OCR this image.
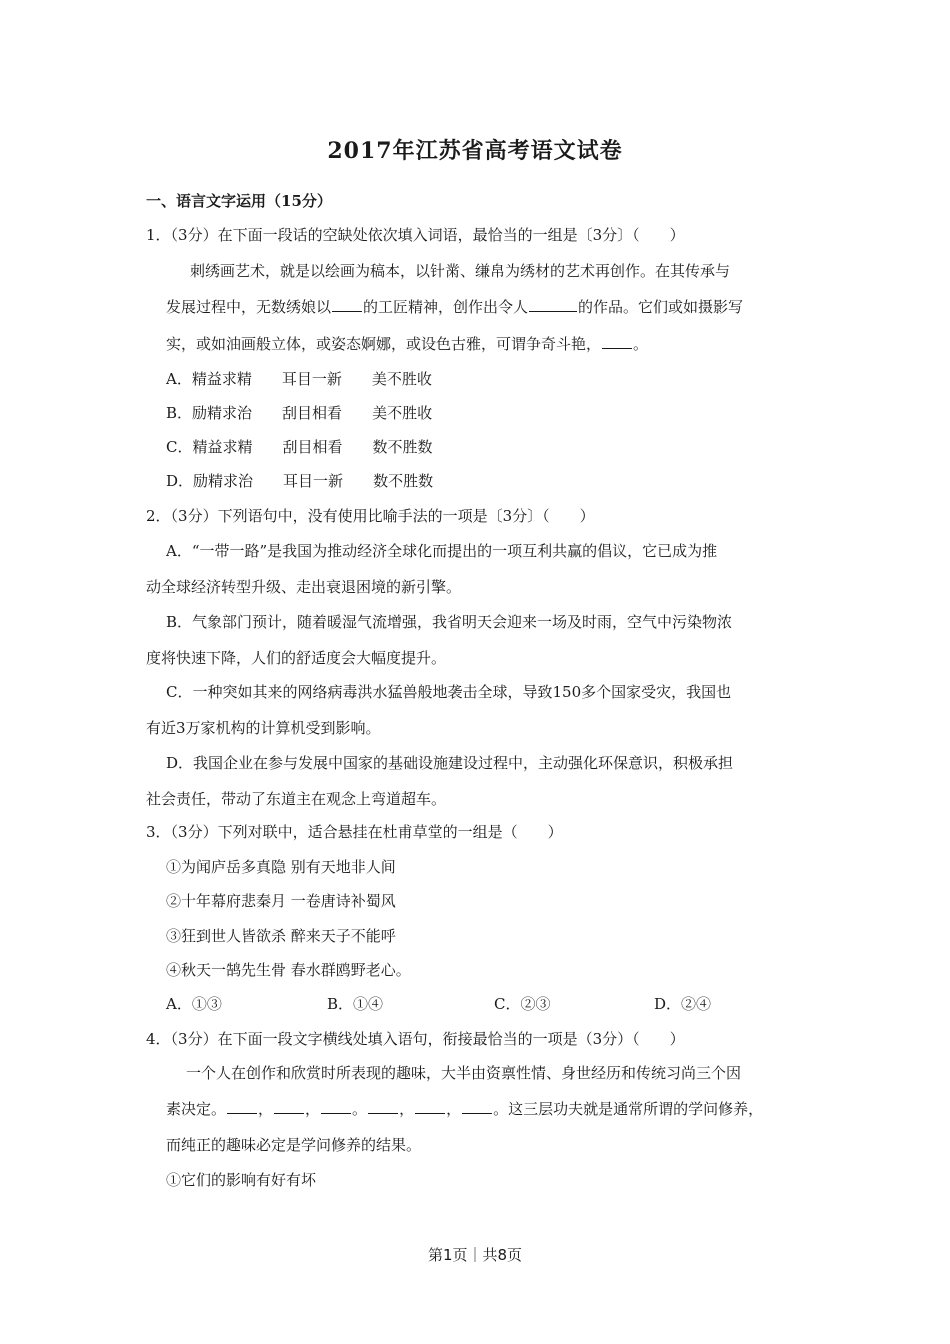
2017年江苏省高考语文试卷
一、语言文字运用（15分）
1．（3分）在下面一段话的空缺处依次填入词语，最恰当的一组是〔3分〕（　　）
刺绣画艺术，就是以绘画为稿本，以针黹、缣帛为绣材的艺术再创作。在其传承与
发展过程中，无数绣娘以 的工匠精神，创作出令人	的作品。它们或如摄影写
实，或如油画般立体，或姿态婀娜，或设色古雅，可谓争奇斗艳， 。
A．精益求精 耳目一新 美不胜收
B．励精求治 刮目相看 美不胜收
C．精益求精 刮目相看 数不胜数
D．励精求治 耳目一新 数不胜数
2．（3分）下列语句中，没有使用比喻手法的一项是〔3分〕（　　）
A．“一带一路”是我国为推动经济全球化而提出的一项互利共赢的倡议，它已成为推
动全球经济转型升级、走出衰退困境的新引擎。
B．气象部门预计，随着暖湿气流增强，我省明天会迎来一场及时雨，空气中污染物浓
度将快速下降，人们的舒适度会大幅度提升。
C．一种突如其来的网络病毒洪水猛兽般地袭击全球，导致150多个国家受灾，我国也
有近3万家机构的计算机受到影响。
D．我国企业在参与发展中国家的基础设施建设过程中，主动强化环保意识，积极承担
社会责任，带动了东道主在观念上弯道超车。
3．（3分）下列对联中，适合悬挂在杜甫草堂的一组是（　　）
①为闻庐岳多真隐 别有天地非人间
②十年幕府悲秦月 一卷唐诗补蜀风
③狂到世人皆欲杀 醉来天子不能呼
④秋天一鹄先生骨 春水群鸥野老心。
A．①③	B．①④	C．②③	D．②④
4．（3分）在下面一段文字横线处填入语句，衔接最恰当的一项是（3分）（　　）
一个人在创作和欣赏时所表现的趣味，大半由资禀性情、身世经历和传统习尚三个因
素决定。 ， ， 。 ， ， 。这三层功夫就是通常所谓的学问修养，
而纯正的趣味必定是学问修养的结果。
①它们的影响有好有坏
第1页｜共8页
